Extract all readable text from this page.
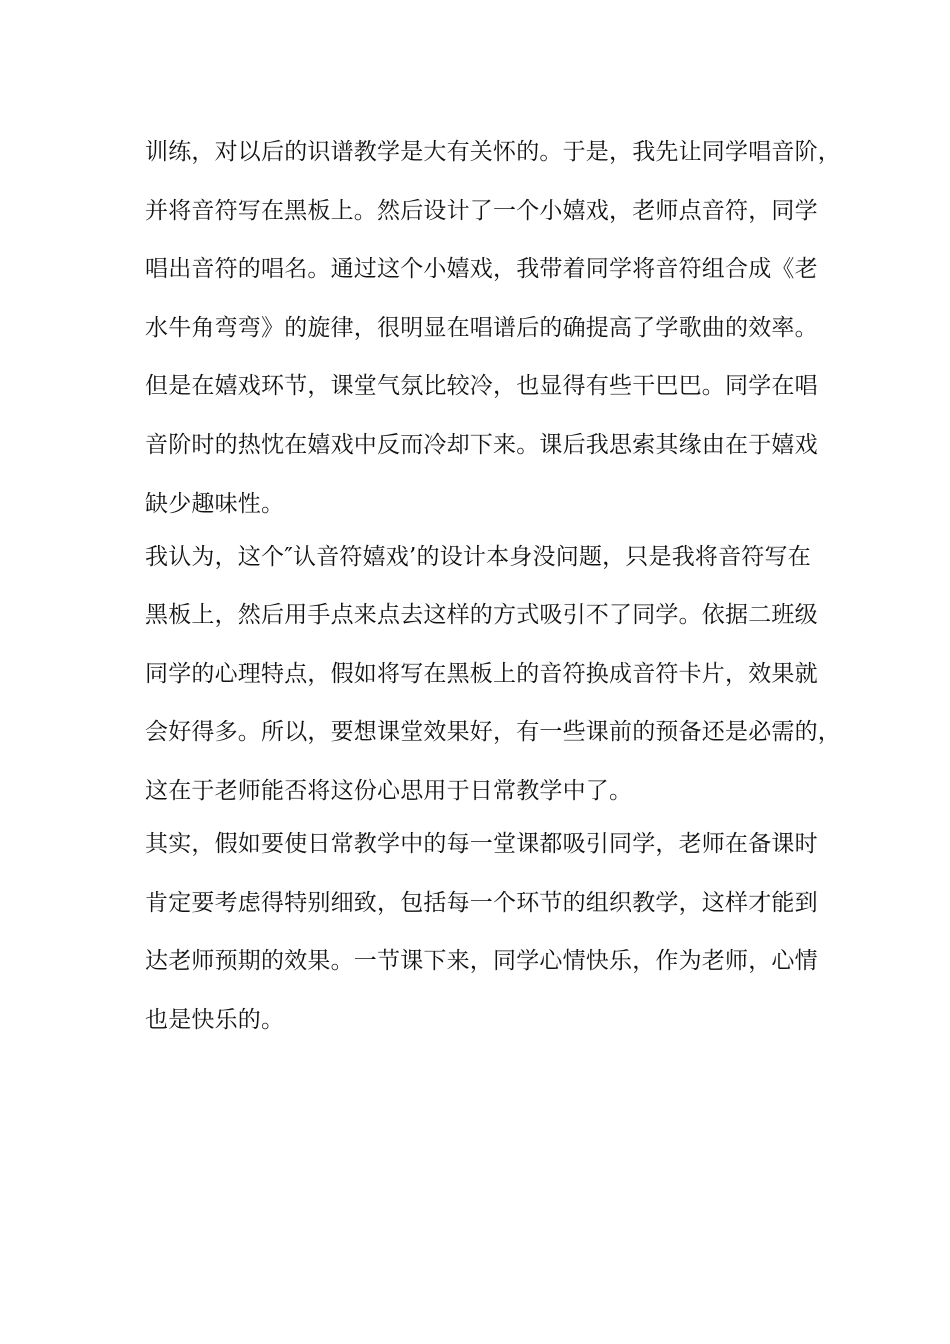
训练，对以后的识谱教学是大有关怀的。于是，我先让同学唱音阶，
并将音符写在黑板上。然后设计了一个小嬉戏，老师点音符，同学
唱出音符的唱名。通过这个小嬉戏，我带着同学将音符组合成《老
水牛角弯弯》的旋律，很明显在唱谱后的确提高了学歌曲的效率。
但是在嬉戏环节，课堂气氛比较冷，也显得有些干巴巴。同学在唱
音阶时的热忱在嬉戏中反而冷却下来。课后我思索其缘由在于嬉戏
缺少趣味性。
我认为，这个″认音符嬉戏’的设计本身没问题，只是我将音符写在
黑板上，然后用手点来点去这样的方式吸引不了同学。依据二班级
同学的心理特点，假如将写在黑板上的音符换成音符卡片，效果就
会好得多。所以，要想课堂效果好，有一些课前的预备还是必需的，
这在于老师能否将这份心思用于日常教学中了。
其实，假如要使日常教学中的每一堂课都吸引同学，老师在备课时
肯定要考虑得特别细致，包括每一个环节的组织教学，这样才能到
达老师预期的效果。一节课下来，同学心情快乐，作为老师，心情
也是快乐的。
